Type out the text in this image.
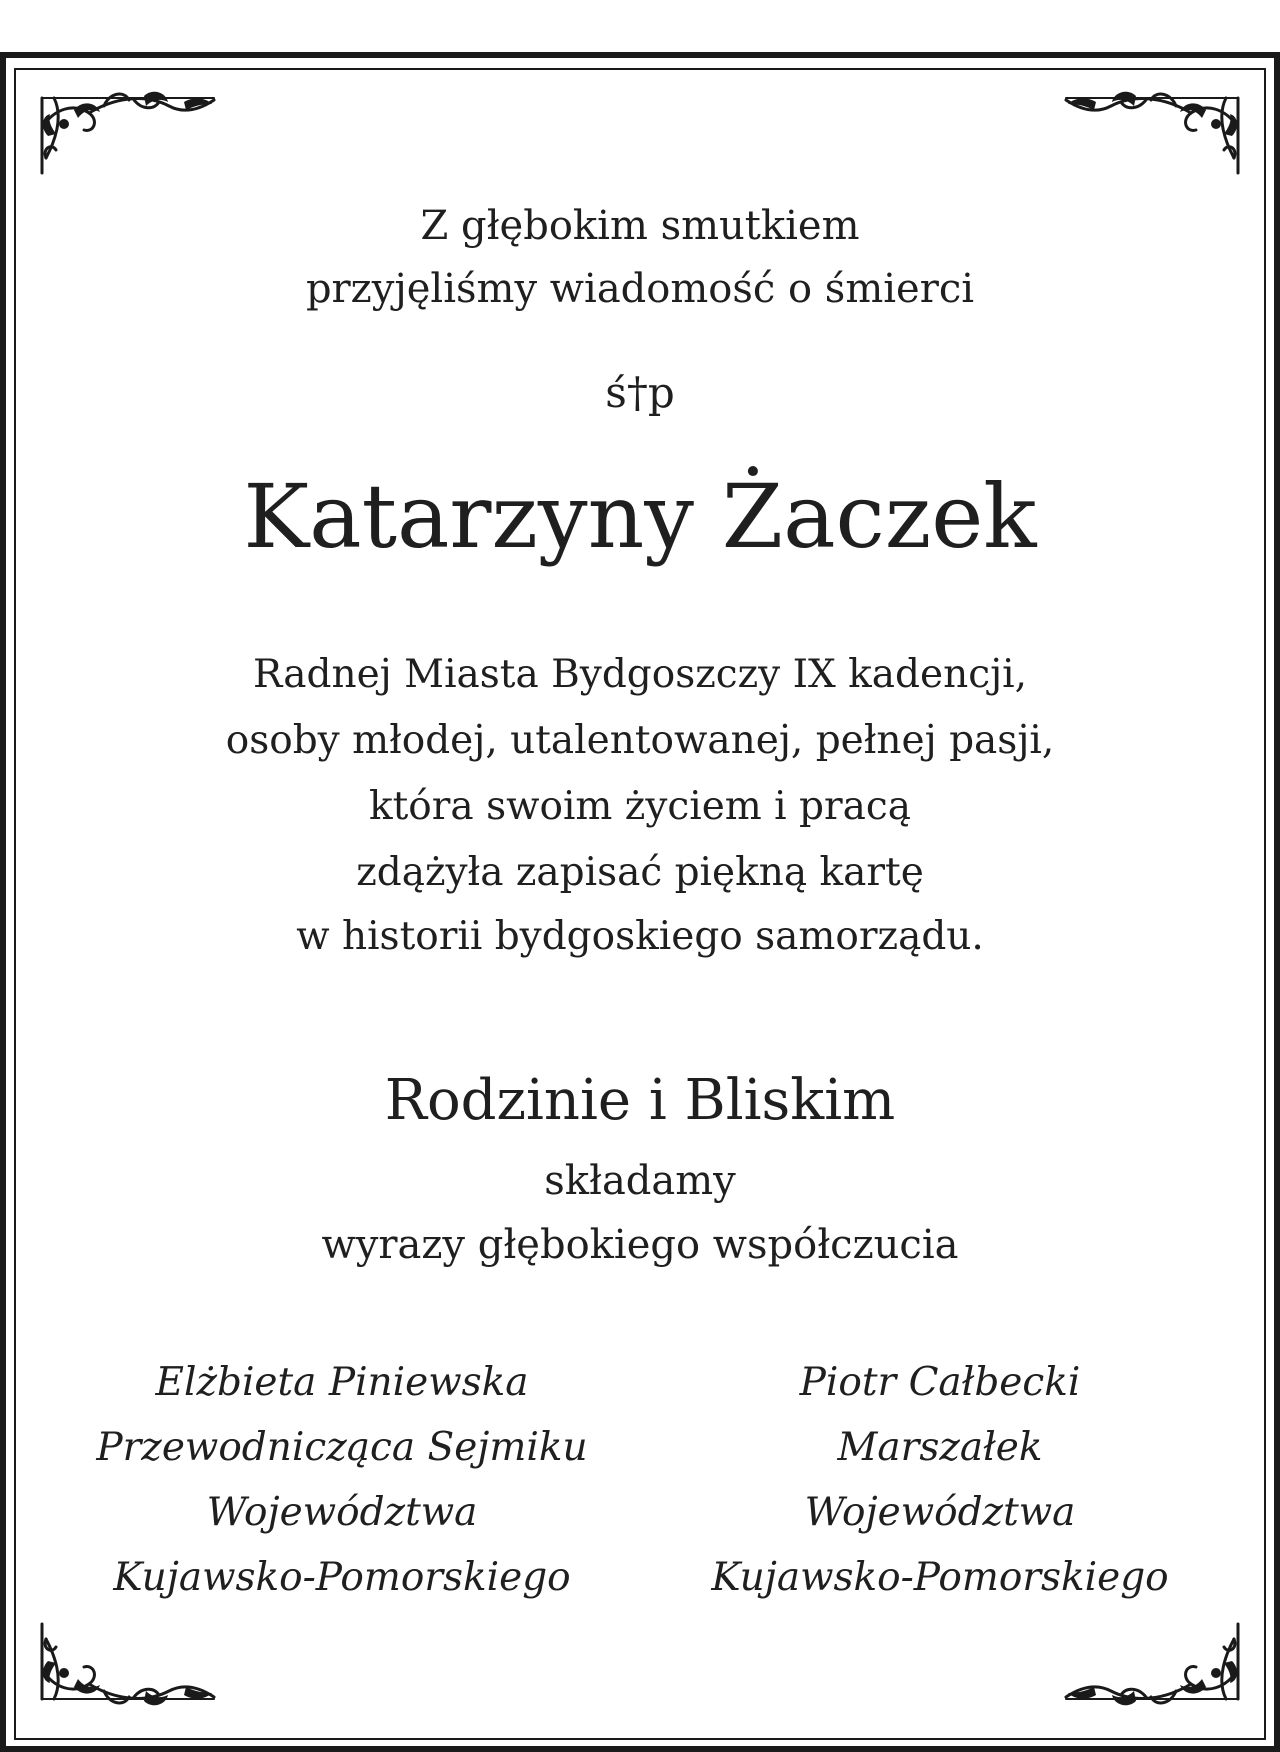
Z głębokim smutkiem
przyjęliśmy wiadomość o śmierci
ś†p
Katarzyny Żaczek
Radnej Miasta Bydgoszczy IX kadencji,
osoby młodej, utalentowanej, pełnej pasji,
która swoim życiem i pracą
zdążyła zapisać piękną kartę
w historii bydgoskiego samorządu.
Rodzinie i Bliskim
składamy
wyrazy głębokiego współczucia
Elżbieta Piniewska
Przewodnicząca Sejmiku
Województwa
Kujawsko-Pomorskiego
Piotr Całbecki
Marszałek
Województwa
Kujawsko-Pomorskiego
